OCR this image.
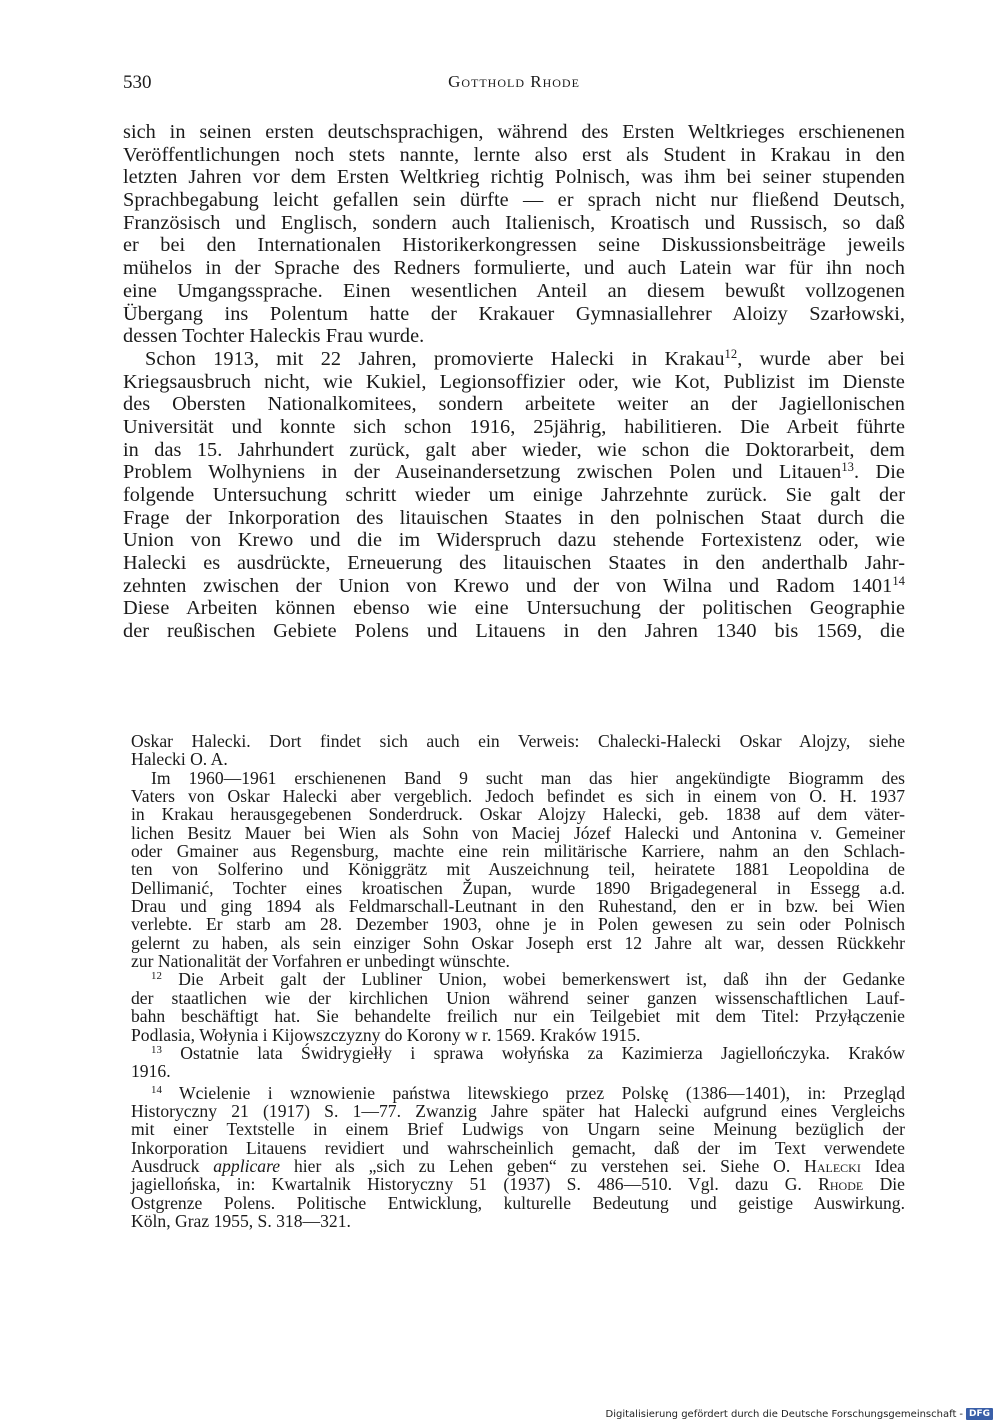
530	Gotthold Rhode
sich in seinen ersten deutschsprachigen, während des Ersten Weltkrieges erschienenen
Veröffentlichungen noch stets nannte, lernte also erst als Student in Krakau in den
letzten Jahren vor dem Ersten Weltkrieg richtig Polnisch, was ihm bei seiner stupenden
Sprachbegabung leicht gefallen sein dürfte — er sprach nicht nur fließend Deutsch,
Französisch und Englisch, sondern auch Italienisch, Kroatisch und Russisch, so daß
er bei den Internationalen Historikerkongressen seine Diskussionsbeiträge jeweils
mühelos in der Sprache des Redners formulierte, und auch Latein war für ihn noch
eine Umgangssprache. Einen wesentlichen Anteil an diesem bewußt vollzogenen
Übergang ins Polentum hatte der Krakauer Gymnasiallehrer Aloizy Szarłowski,
dessen Tochter Haleckis Frau wurde.
Schon 1913, mit 22 Jahren, promovierte Halecki in Krakau$^{12}$, wurde aber bei
Kriegsausbruch nicht, wie Kukiel, Legionsoffizier oder, wie Kot, Publizist im Dienste
des Obersten Nationalkomitees, sondern arbeitete weiter an der Jagiellonischen
Universität und konnte sich schon 1916, 25jährig, habilitieren. Die Arbeit führte
in das 15. Jahrhundert zurück, galt aber wieder, wie schon die Doktorarbeit, dem
Problem Wolhyniens in der Auseinandersetzung zwischen Polen und Litauen$^{13}$. Die
folgende Untersuchung schritt wieder um einige Jahrzehnte zurück. Sie galt der
Frage der Inkorporation des litauischen Staates in den polnischen Staat durch die
Union von Krewo und die im Widerspruch dazu stehende Fortexistenz oder, wie
Halecki es ausdrückte, Erneuerung des litauischen Staates in den anderthalb Jahr-
zehnten zwischen der Union von Krewo und der von Wilna und Radom 1401$^{14}$
Diese Arbeiten können ebenso wie eine Untersuchung der politischen Geographie
der reußischen Gebiete Polens und Litauens in den Jahren 1340 bis 1569, die
Oskar Halecki. Dort findet sich auch ein Verweis: Chalecki-Halecki Oskar Alojzy, siehe
Halecki O. A.
Im 1960—1961 erschienenen Band 9 sucht man das hier angekündigte Biogramm des
Vaters von Oskar Halecki aber vergeblich. Jedoch befindet es sich in einem von O. H. 1937
in Krakau herausgegebenen Sonderdruck. Oskar Alojzy Halecki, geb. 1838 auf dem väter-
lichen Besitz Mauer bei Wien als Sohn von Maciej Józef Halecki und Antonina v. Gemeiner
oder Gmainer aus Regensburg, machte eine rein militärische Karriere, nahm an den Schlach-
ten von Solferino und Königgrätz mit Auszeichnung teil, heiratete 1881 Leopoldina de
Dellimanić, Tochter eines kroatischen Župan, wurde 1890 Brigadegeneral in Essegg a.d.
Drau und ging 1894 als Feldmarschall-Leutnant in den Ruhestand, den er in bzw. bei Wien
verlebte. Er starb am 28. Dezember 1903, ohne je in Polen gewesen zu sein oder Polnisch
gelernt zu haben, als sein einziger Sohn Oskar Joseph erst 12 Jahre alt war, dessen Rückkehr
zur Nationalität der Vorfahren er unbedingt wünschte.
$^{12}$ Die Arbeit galt der Lubliner Union, wobei bemerkenswert ist, daß ihn der Gedanke
der staatlichen wie der kirchlichen Union während seiner ganzen wissenschaftlichen Lauf-
bahn beschäftigt hat. Sie behandelte freilich nur ein Teilgebiet mit dem Titel: Przyłączenie
Podlasia, Wołynia i Kijowszczyzny do Korony w r. 1569. Kraków 1915.
$^{13}$ Ostatnie lata Świdrygiełły i sprawa wołyńska za Kazimierza Jagiellończyka. Kraków
1916.
$^{14}$ Wcielenie i wznowienie państwa litewskiego przez Polskę (1386—1401), in: Przegląd
Historyczny 21 (1917) S. 1—77. Zwanzig Jahre später hat Halecki aufgrund eines Vergleichs
mit einer Textstelle in einem Brief Ludwigs von Ungarn seine Meinung bezüglich der
Inkorporation Litauens revidiert und wahrscheinlich gemacht, daß der im Text verwendete
Ausdruck applicare hier als „sich zu Lehen geben“ zu verstehen sei. Siehe O. Halecki Idea
jagiellońska, in: Kwartalnik Historyczny 51 (1937) S. 486—510. Vgl. dazu G. Rhode Die
Ostgrenze Polens. Politische Entwicklung, kulturelle Bedeutung und geistige Auswirkung.
Köln, Graz 1955, S. 318—321.
Digitalisierung gefördert durch die Deutsche Forschungsgemeinschaft - DFG
